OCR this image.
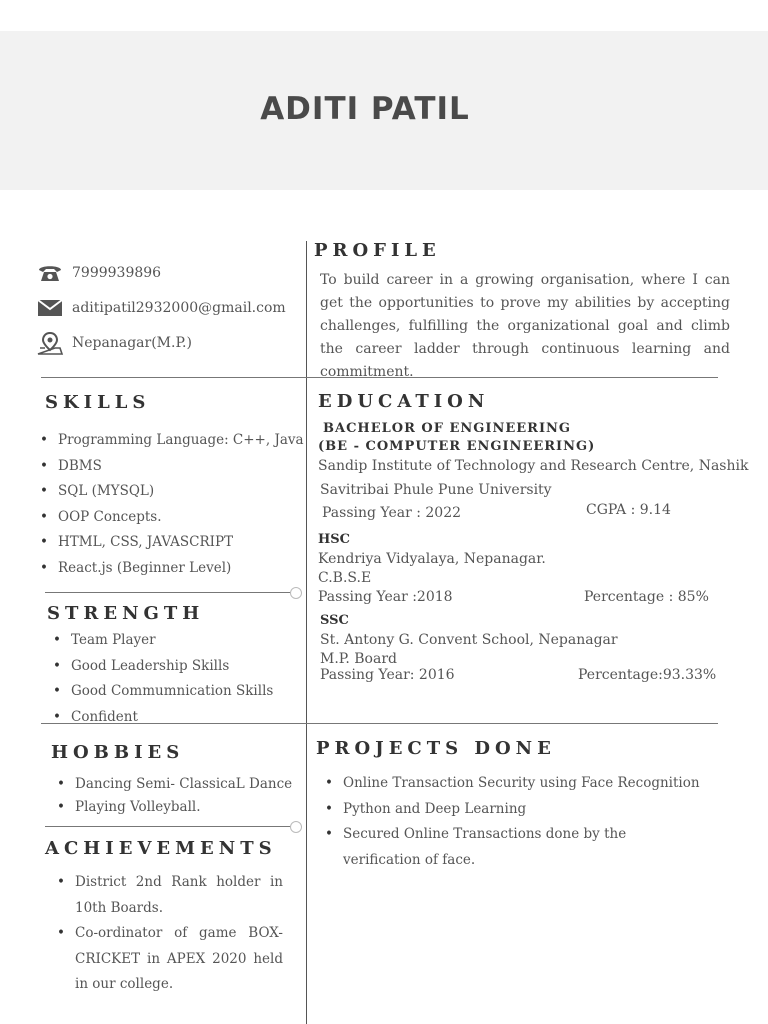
ADITI PATIL
7999939896
aditipatil2932000@gmail.com
Nepanagar(M.P.)
PROFILE

To build career in a growing organisation, where I can get the opportunities to prove my abilities by accepting challenges, fulfilling the organizational goal and climb the career ladder through continuous learning and commitment.

SKILLS
• Programming Language: C++, Java
• DBMS
• SQL (MYSQL)
• OOP Concepts.
• HTML, CSS, JAVASCRIPT
• React.js (Beginner Level)
STRENGTH
• Team Player
• Good Leadership Skills
• Good Commumnication Skills
• Confident
HOBBIES
• Dancing Semi- ClassicaL Dance
• Playing Volleyball.
ACHIEVEMENTS
• District 2nd Rank holder in 10th Boards.
• Co-ordinator of game BOX-CRICKET in APEX 2020 held in our college.
EDUCATION
BACHELOR OF ENGINEERING
(BE - COMPUTER ENGINEERING)
Sandip Institute of Technology and Research Centre, Nashik
Savitribai Phule Pune University
Passing Year : 2022	CGPA : 9.14
HSC
Kendriya Vidyalaya, Nepanagar.
C.B.S.E
Passing Year :2018	Percentage : 85%
SSC
St. Antony G. Convent School, Nepanagar
M.P. Board
Passing Year: 2016	Percentage:93.33%
PROJECTS DONE
• Online Transaction Security using Face Recognition
• Python and Deep Learning
• Secured Online Transactions done by the verification of face.
